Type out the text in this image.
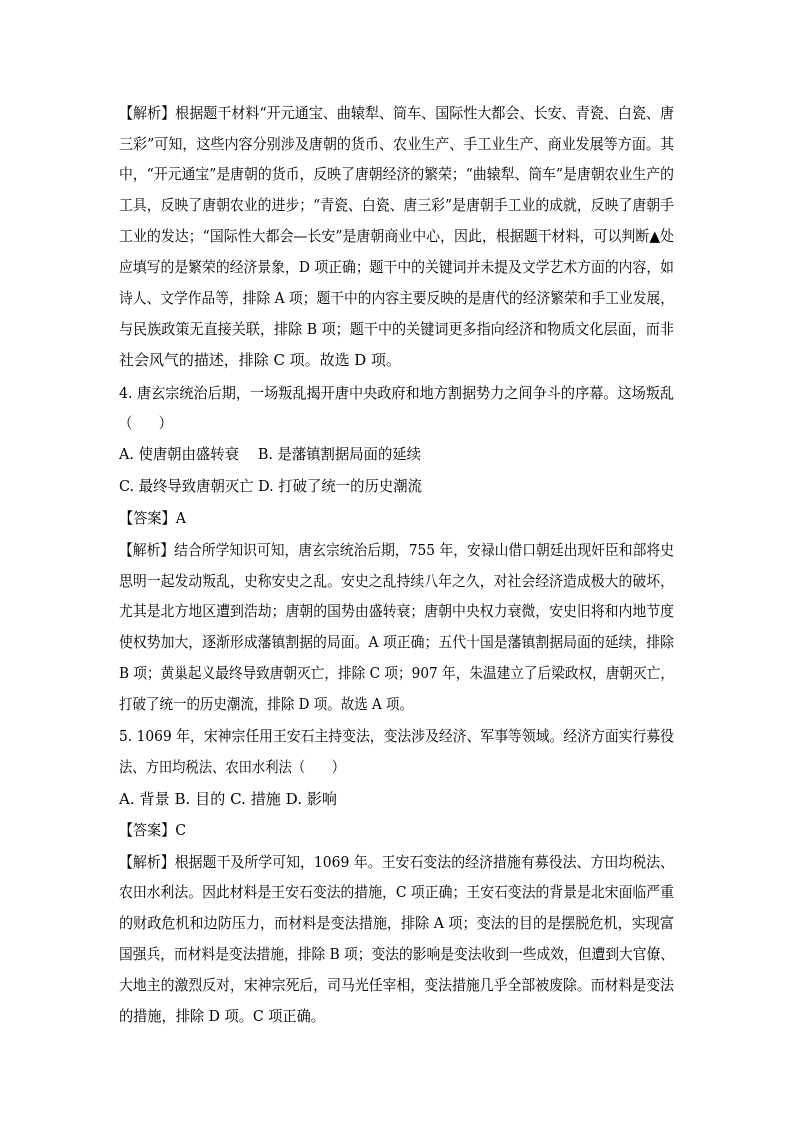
【解析】根据题干材料“开元通宝、曲辕犁、筒车、国际性大都会、长安、青瓷、白瓷、唐
三彩”可知，这些内容分别涉及唐朝的货币、农业生产、手工业生产、商业发展等方面。其
中，“开元通宝”是唐朝的货币，反映了唐朝经济的繁荣；“曲辕犁、筒车”是唐朝农业生产的
工具，反映了唐朝农业的进步；“青瓷、白瓷、唐三彩”是唐朝手工业的成就，反映了唐朝手
工业的发达；“国际性大都会—长安”是唐朝商业中心，因此，根据题干材料，可以判断▲处
应填写的是繁荣的经济景象，D 项正确；题干中的关键词并未提及文学艺术方面的内容，如
诗人、文学作品等，排除 A 项；题干中的内容主要反映的是唐代的经济繁荣和手工业发展，
与民族政策无直接关联，排除 B 项；题干中的关键词更多指向经济和物质文化层面，而非
社会风气的描述，排除 C 项。故选 D 项。
4. 唐玄宗统治后期，一场叛乱揭开唐中央政府和地方割据势力之间争斗的序幕。这场叛乱
（　　）
A. 使唐朝由盛转衰　 B. 是藩镇割据局面的延续
C. 最终导致唐朝灭亡 D. 打破了统一的历史潮流
【答案】A
【解析】结合所学知识可知，唐玄宗统治后期，755 年，安禄山借口朝廷出现奸臣和部将史
思明一起发动叛乱，史称安史之乱。安史之乱持续八年之久，对社会经济造成极大的破坏，
尤其是北方地区遭到浩劫；唐朝的国势由盛转衰；唐朝中央权力衰微，安史旧将和内地节度
使权势加大，逐渐形成藩镇割据的局面。A 项正确；五代十国是藩镇割据局面的延续，排除
B 项；黄巢起义最终导致唐朝灭亡，排除 C 项；907 年，朱温建立了后梁政权，唐朝灭亡，
打破了统一的历史潮流，排除 D 项。故选 A 项。
5. 1069 年，宋神宗任用王安石主持变法，变法涉及经济、军事等领域。经济方面实行募役
法、方田均税法、农田水利法（　　）
A. 背景 B. 目的 C. 措施 D. 影响
【答案】C
【解析】根据题干及所学可知，1069 年。王安石变法的经济措施有募役法、方田均税法、
农田水利法。因此材料是王安石变法的措施，C 项正确；王安石变法的背景是北宋面临严重
的财政危机和边防压力，而材料是变法措施，排除 A 项；变法的目的是摆脱危机，实现富
国强兵，而材料是变法措施，排除 B 项；变法的影响是变法收到一些成效，但遭到大官僚、
大地主的激烈反对，宋神宗死后，司马光任宰相，变法措施几乎全部被废除。而材料是变法
的措施，排除 D 项。C 项正确。
